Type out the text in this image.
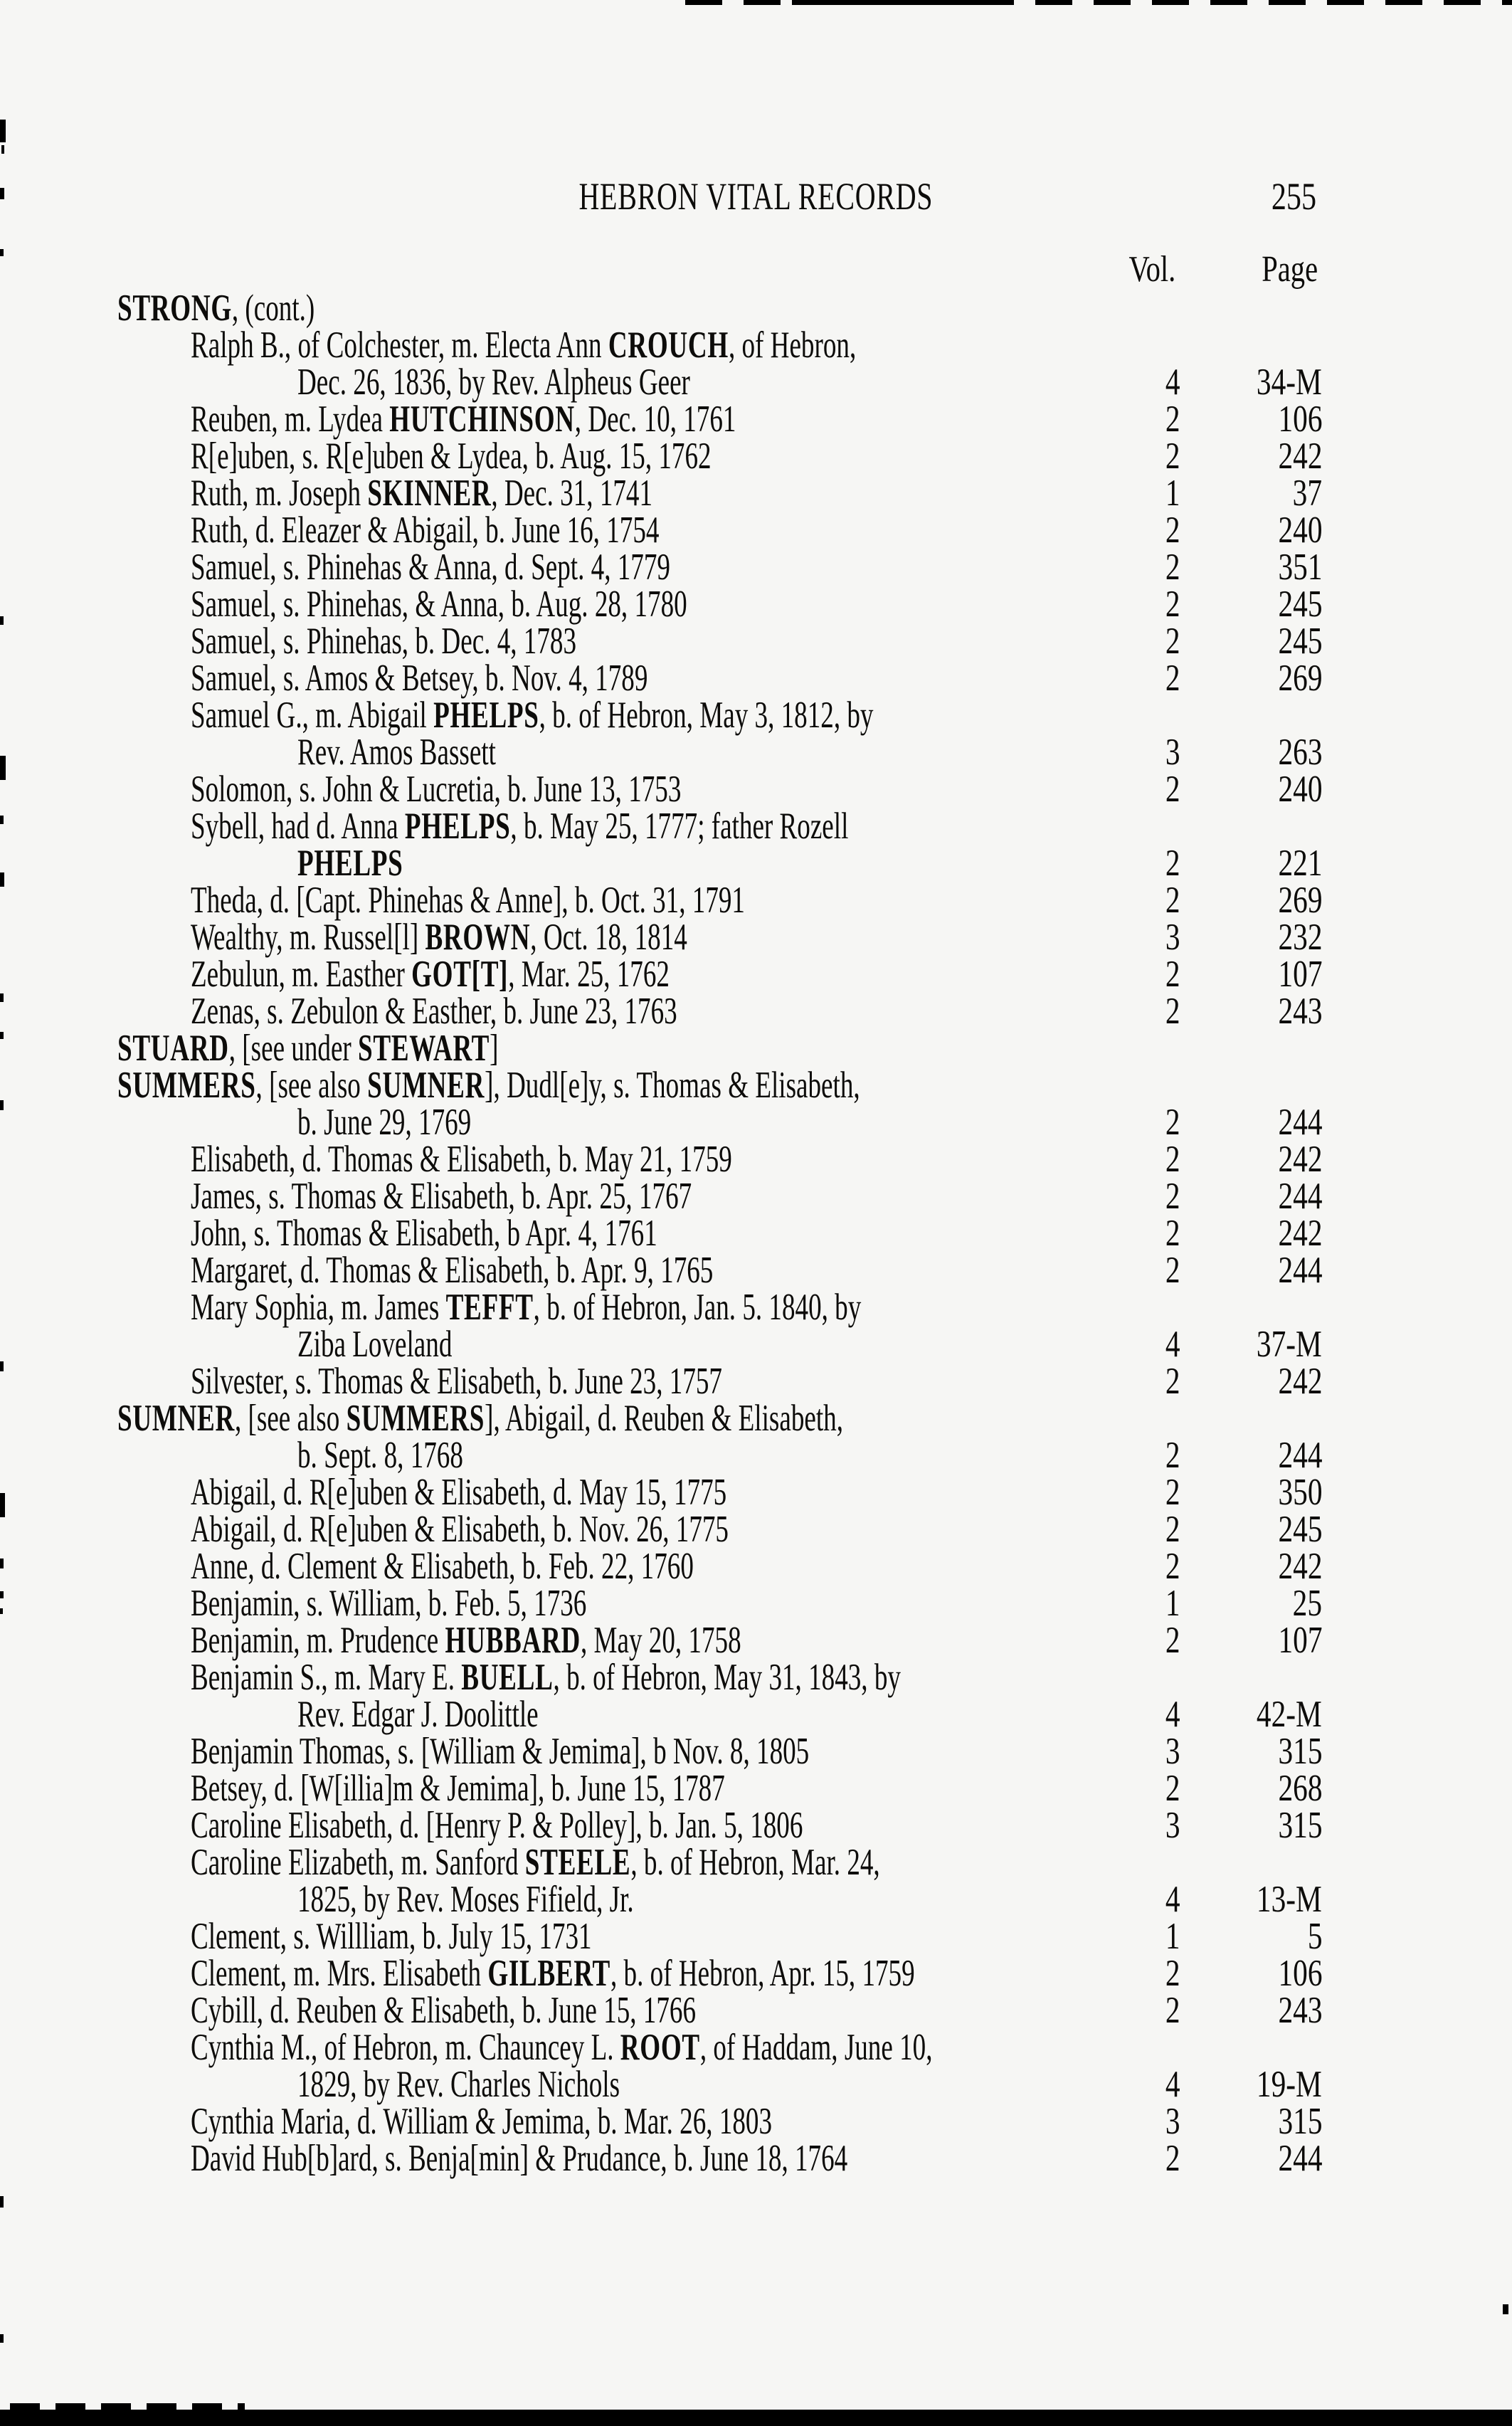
HEBRON VITAL RECORDS	255
Vol.	Page
STRONG, (cont.)
Ralph B., of Colchester, m. Electa Ann CROUCH, of Hebron,
Dec. 26, 1836, by Rev. Alpheus Geer	4	34-M
Reuben, m. Lydea HUTCHINSON, Dec. 10, 1761	2	106
R[e]uben, s. R[e]uben & Lydea, b. Aug. 15, 1762	2	242
Ruth, m. Joseph SKINNER, Dec. 31, 1741	1	37
Ruth, d. Eleazer & Abigail, b. June 16, 1754	2	240
Samuel, s. Phinehas & Anna, d. Sept. 4, 1779	2	351
Samuel, s. Phinehas, & Anna, b. Aug. 28, 1780	2	245
Samuel, s. Phinehas, b. Dec. 4, 1783	2	245
Samuel, s. Amos & Betsey, b. Nov. 4, 1789	2	269
Samuel G., m. Abigail PHELPS, b. of Hebron, May 3, 1812, by
Rev. Amos Bassett	3	263
Solomon, s. John & Lucretia, b. June 13, 1753	2	240
Sybell, had d. Anna PHELPS, b. May 25, 1777; father Rozell
PHELPS	2	221
Theda, d. [Capt. Phinehas & Anne], b. Oct. 31, 1791	2	269
Wealthy, m. Russel[l] BROWN, Oct. 18, 1814	3	232
Zebulun, m. Easther GOT[T], Mar. 25, 1762	2	107
Zenas, s. Zebulon & Easther, b. June 23, 1763	2	243
STUARD, [see under STEWART]
SUMMERS, [see also SUMNER], Dudl[e]y, s. Thomas & Elisabeth,
b. June 29, 1769	2	244
Elisabeth, d. Thomas & Elisabeth, b. May 21, 1759	2	242
James, s. Thomas & Elisabeth, b. Apr. 25, 1767	2	244
John, s. Thomas & Elisabeth, b Apr. 4, 1761	2	242
Margaret, d. Thomas & Elisabeth, b. Apr. 9, 1765	2	244
Mary Sophia, m. James TEFFT, b. of Hebron, Jan. 5. 1840, by
Ziba Loveland	4	37-M
Silvester, s. Thomas & Elisabeth, b. June 23, 1757	2	242
SUMNER, [see also SUMMERS], Abigail, d. Reuben & Elisabeth,
b. Sept. 8, 1768	2	244
Abigail, d. R[e]uben & Elisabeth, d. May 15, 1775	2	350
Abigail, d. R[e]uben & Elisabeth, b. Nov. 26, 1775	2	245
Anne, d. Clement & Elisabeth, b. Feb. 22, 1760	2	242
Benjamin, s. William, b. Feb. 5, 1736	1	25
Benjamin, m. Prudence HUBBARD, May 20, 1758	2	107
Benjamin S., m. Mary E. BUELL, b. of Hebron, May 31, 1843, by
Rev. Edgar J. Doolittle	4	42-M
Benjamin Thomas, s. [William & Jemima], b Nov. 8, 1805	3	315
Betsey, d. [W[illia]m & Jemima], b. June 15, 1787	2	268
Caroline Elisabeth, d. [Henry P. & Polley], b. Jan. 5, 1806	3	315
Caroline Elizabeth, m. Sanford STEELE, b. of Hebron, Mar. 24,
1825, by Rev. Moses Fifield, Jr.	4	13-M
Clement, s. Willliam, b. July 15, 1731	1	5
Clement, m. Mrs. Elisabeth GILBERT, b. of Hebron, Apr. 15, 1759	2	106
Cybill, d. Reuben & Elisabeth, b. June 15, 1766	2	243
Cynthia M., of Hebron, m. Chauncey L. ROOT, of Haddam, June 10,
1829, by Rev. Charles Nichols	4	19-M
Cynthia Maria, d. William & Jemima, b. Mar. 26, 1803	3	315
David Hub[b]ard, s. Benja[min] & Prudance, b. June 18, 1764	2	244
